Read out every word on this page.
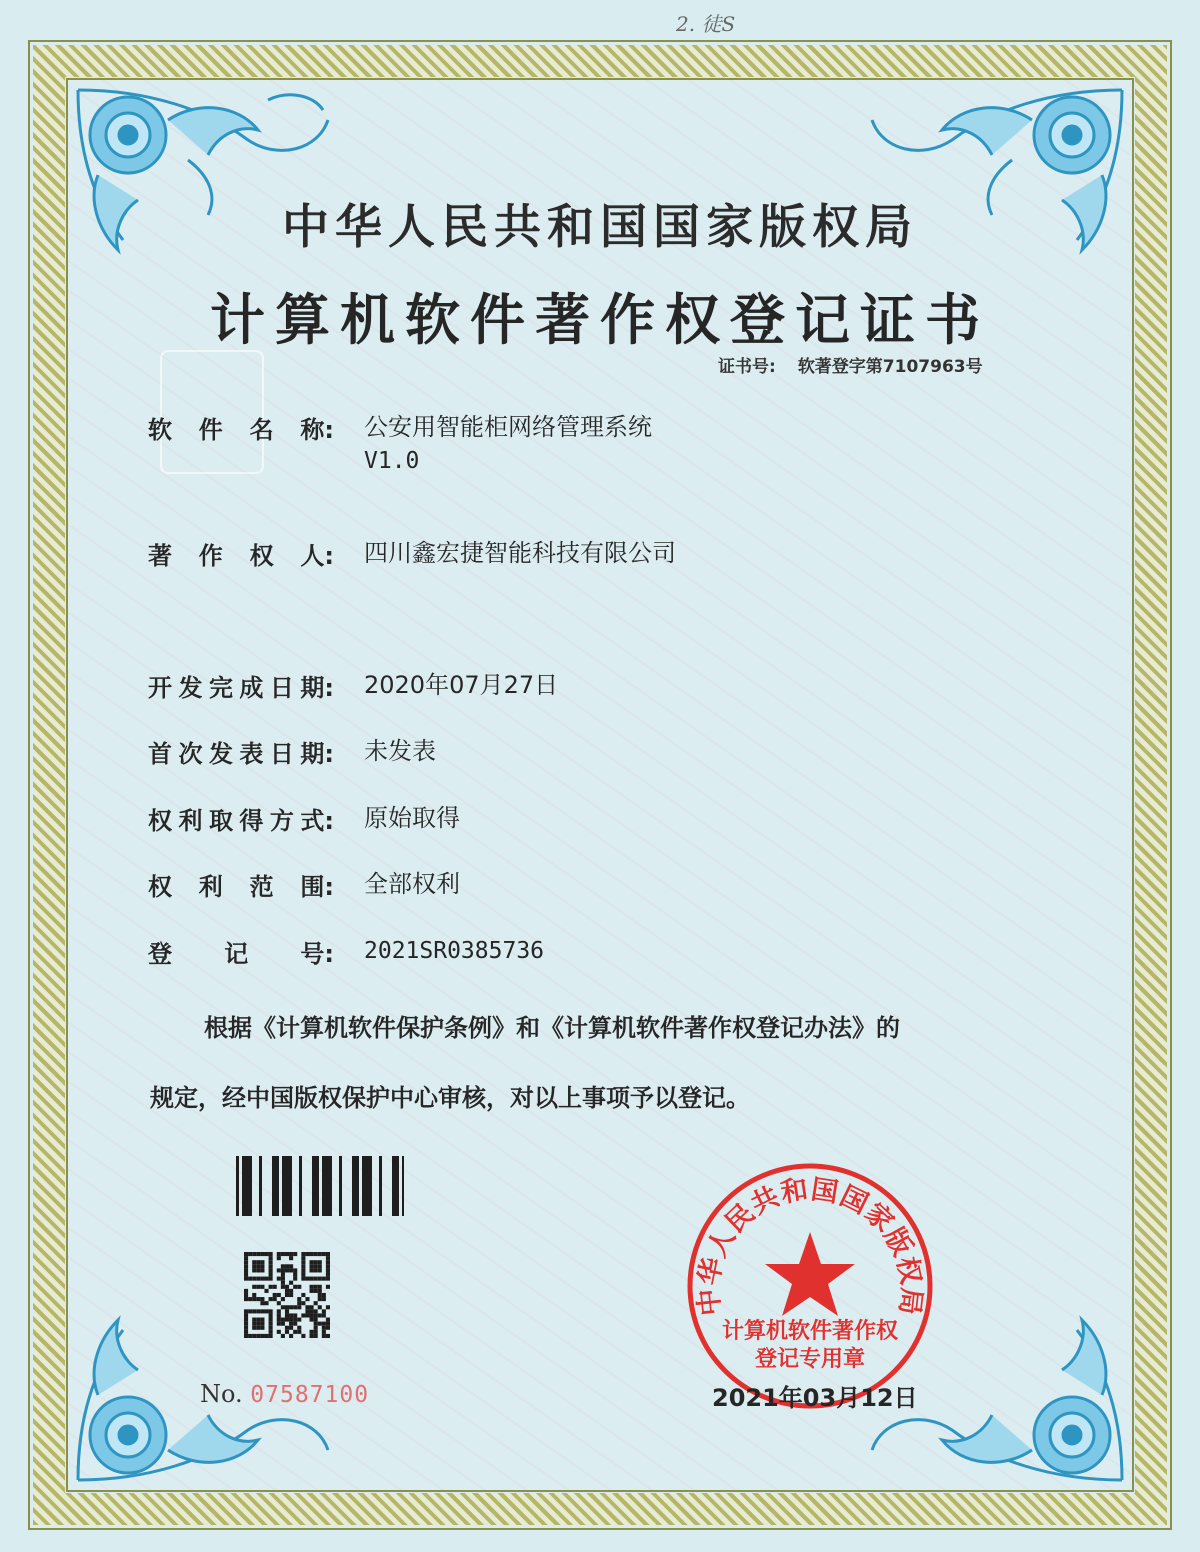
2. 徒S
中华人民共和国国家版权局
计算机软件著作权登记证书
证书号: 软著登字第7107963号
软 件 名 称: 公安用智能柜网络管理系统
V1.0
著 作 权 人: 四川鑫宏捷智能科技有限公司
开 发 完 成 日 期: 2020年07月27日
首 次 发 表 日 期: 未发表
权 利 取 得 方 式: 原始取得
权 利 范 围: 全部权利
登 记 号: 2021SR0385736
根据《计算机软件保护条例》和《计算机软件著作权登记办法》的
规定，经中国版权保护中心审核，对以上事项予以登记。
No. 07587100
中华人民共和国国家版权局
计算机软件著作权
登记专用章
2021年03月12日
